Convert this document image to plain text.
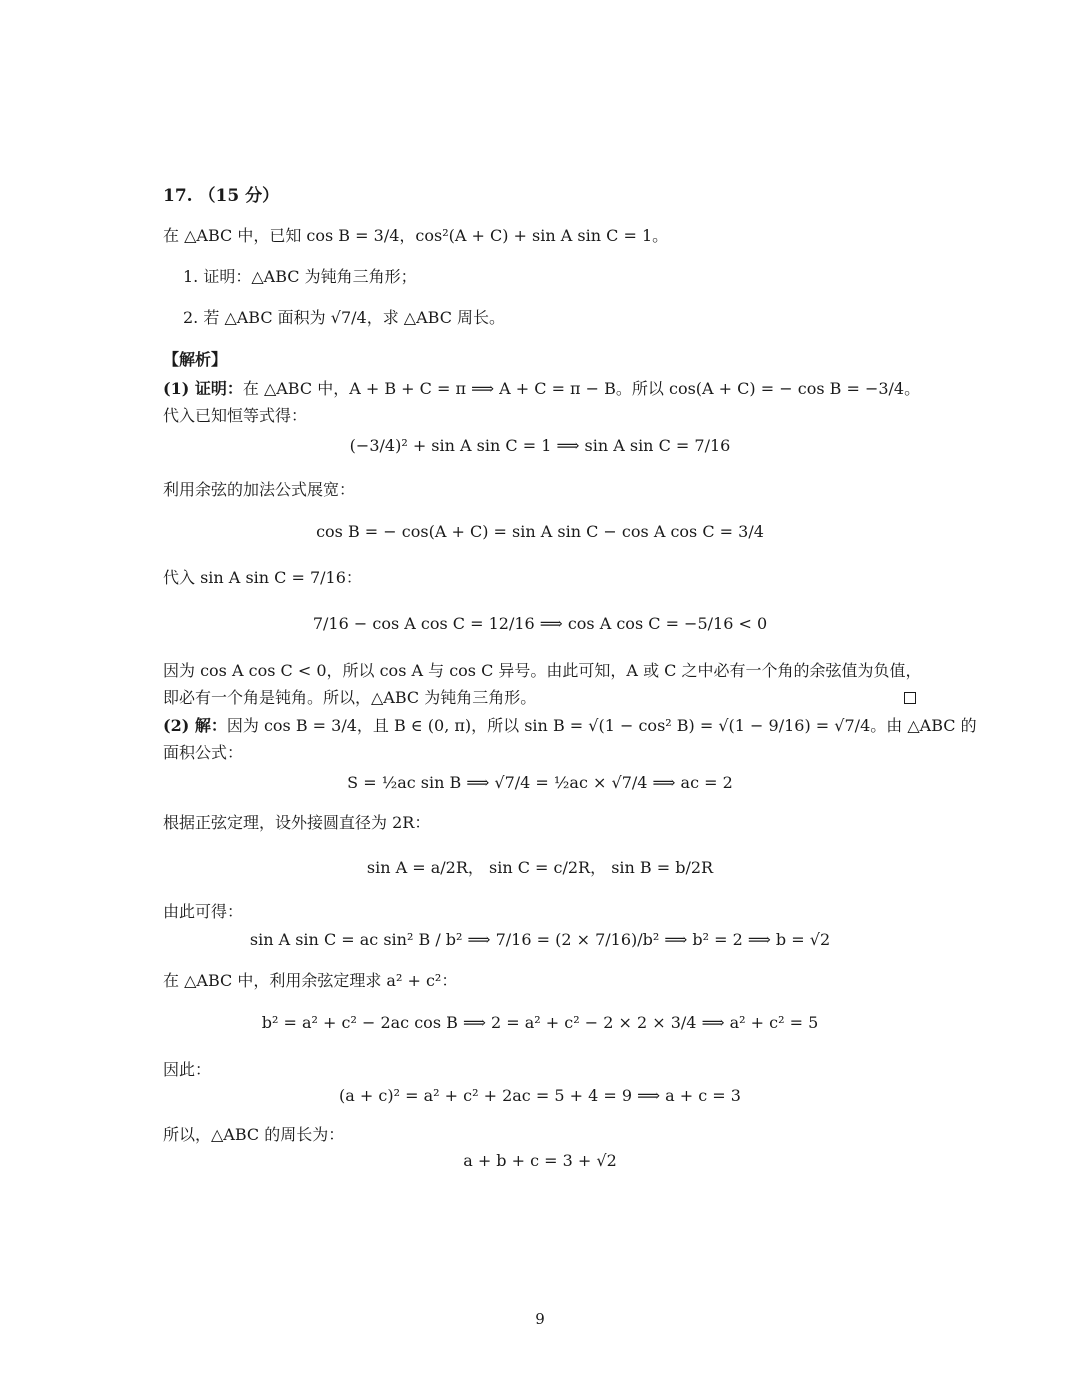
17. （15 分）
在 △ABC 中，已知 cos B = 3/4，cos²(A + C) + sin A sin C = 1。
1. 证明：△ABC 为钝角三角形；
2. 若 △ABC 面积为 √7/4，求 △ABC 周长。
【解析】
(1) 证明：在 △ABC 中，A + B + C = π ⟹ A + C = π − B。所以 cos(A + C) = − cos B = −3/4。
代入已知恒等式得：
(−3/4)² + sin A sin C = 1 ⟹ sin A sin C = 7/16
利用余弦的加法公式展宽：
cos B = − cos(A + C) = sin A sin C − cos A cos C = 3/4
代入 sin A sin C = 7/16：
7/16 − cos A cos C = 12/16 ⟹ cos A cos C = −5/16 < 0
因为 cos A cos C < 0，所以 cos A 与 cos C 异号。由此可知，A 或 C 之中必有一个角的余弦值为负值，
即必有一个角是钝角。所以，△ABC 为钝角三角形。
(2) 解：因为 cos B = 3/4，且 B ∈ (0, π)，所以 sin B = √(1 − cos² B) = √(1 − 9/16) = √7/4。由 △ABC 的
面积公式：
S = ½ac sin B ⟹ √7/4 = ½ac × √7/4 ⟹ ac = 2
根据正弦定理，设外接圆直径为 2R：
sin A = a/2R， sin C = c/2R， sin B = b/2R
由此可得：
sin A sin C = ac sin² B / b² ⟹ 7/16 = (2 × 7/16)/b² ⟹ b² = 2 ⟹ b = √2
在 △ABC 中，利用余弦定理求 a² + c²：
b² = a² + c² − 2ac cos B ⟹ 2 = a² + c² − 2 × 2 × 3/4 ⟹ a² + c² = 5
因此：
(a + c)² = a² + c² + 2ac = 5 + 4 = 9 ⟹ a + c = 3
所以，△ABC 的周长为：
a + b + c = 3 + √2
9
